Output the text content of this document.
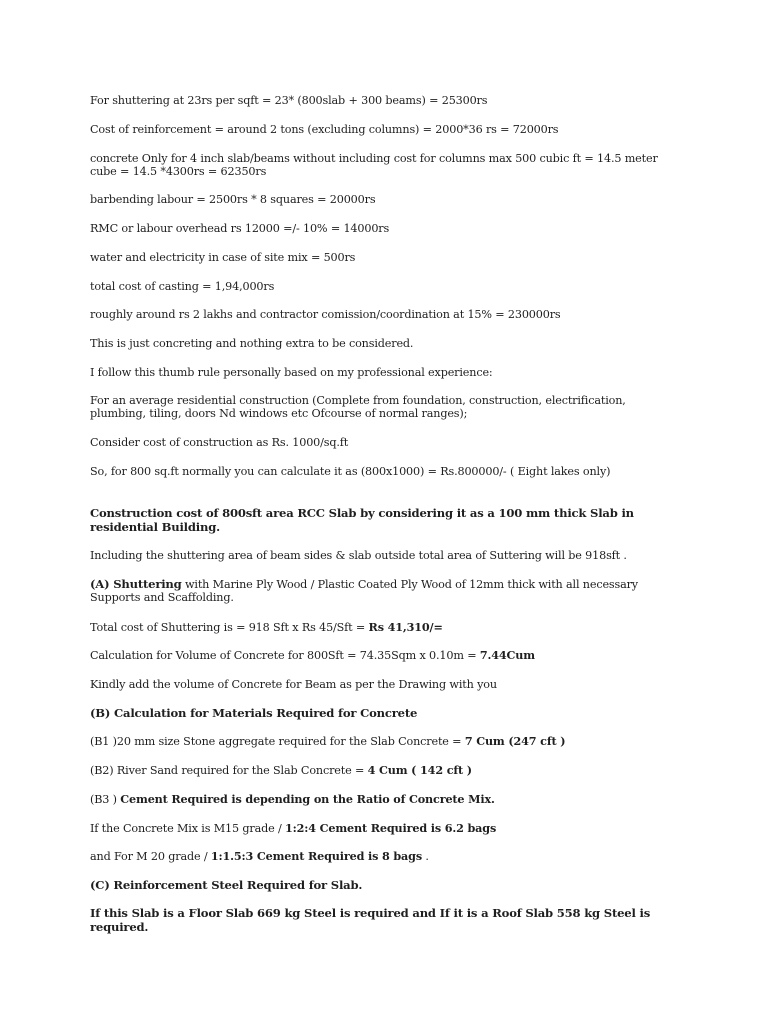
For shuttering at 23rs per sqft = 23* (800slab + 300 beams) = 25300rs
Cost of reinforcement = around 2 tons (excluding columns) = 2000*36 rs = 72000rs
concrete Only for 4 inch slab/beams without including cost for columns max 500 cubic ft = 14.5 meter cube = 14.5 *4300rs = 62350rs
barbending labour = 2500rs * 8 squares = 20000rs
RMC or labour overhead rs 12000 =/- 10% = 14000rs
water and electricity in case of site mix = 500rs
total cost of casting = 1,94,000rs
roughly around rs 2 lakhs and contractor comission/coordination at 15% = 230000rs
This is just concreting and nothing extra to be considered.
I follow this thumb rule personally based on my professional experience:
For an average residential construction (Complete from foundation, construction, electrification, plumbing, tiling, doors Nd windows etc Ofcourse of normal ranges);
Consider cost of construction as Rs. 1000/sq.ft
So, for 800 sq.ft normally you can calculate it as (800x1000) = Rs.800000/- ( Eight lakes only)
Construction cost of 800sft area RCC Slab by considering it as a 100 mm thick Slab in residential Building.
Including the shuttering area of beam sides & slab outside total area of Suttering will be 918sft .
(A) Shuttering with Marine Ply Wood / Plastic Coated Ply Wood of 12mm thick with all necessary Supports and Scaffolding.
Total cost of Shuttering is = 918 Sft x Rs 45/Sft = Rs 41,310/=
Calculation for Volume of Concrete for 800Sft = 74.35Sqm x 0.10m = 7.44Cum
Kindly add the volume of Concrete for Beam as per the Drawing with you
(B) Calculation for Materials Required for Concrete
(B1 )20 mm size Stone aggregate required for the Slab Concrete = 7 Cum (247 cft )
(B2) River Sand required for the Slab Concrete = 4 Cum ( 142 cft )
(B3 ) Cement Required is depending on the Ratio of Concrete Mix.
If the Concrete Mix is M15 grade / 1:2:4 Cement Required is 6.2 bags
and For M 20 grade / 1:1.5:3 Cement Required is 8 bags .
(C) Reinforcement Steel Required for Slab.
If this Slab is a Floor Slab 669 kg Steel is required and If it is a Roof Slab 558 kg Steel is required.
